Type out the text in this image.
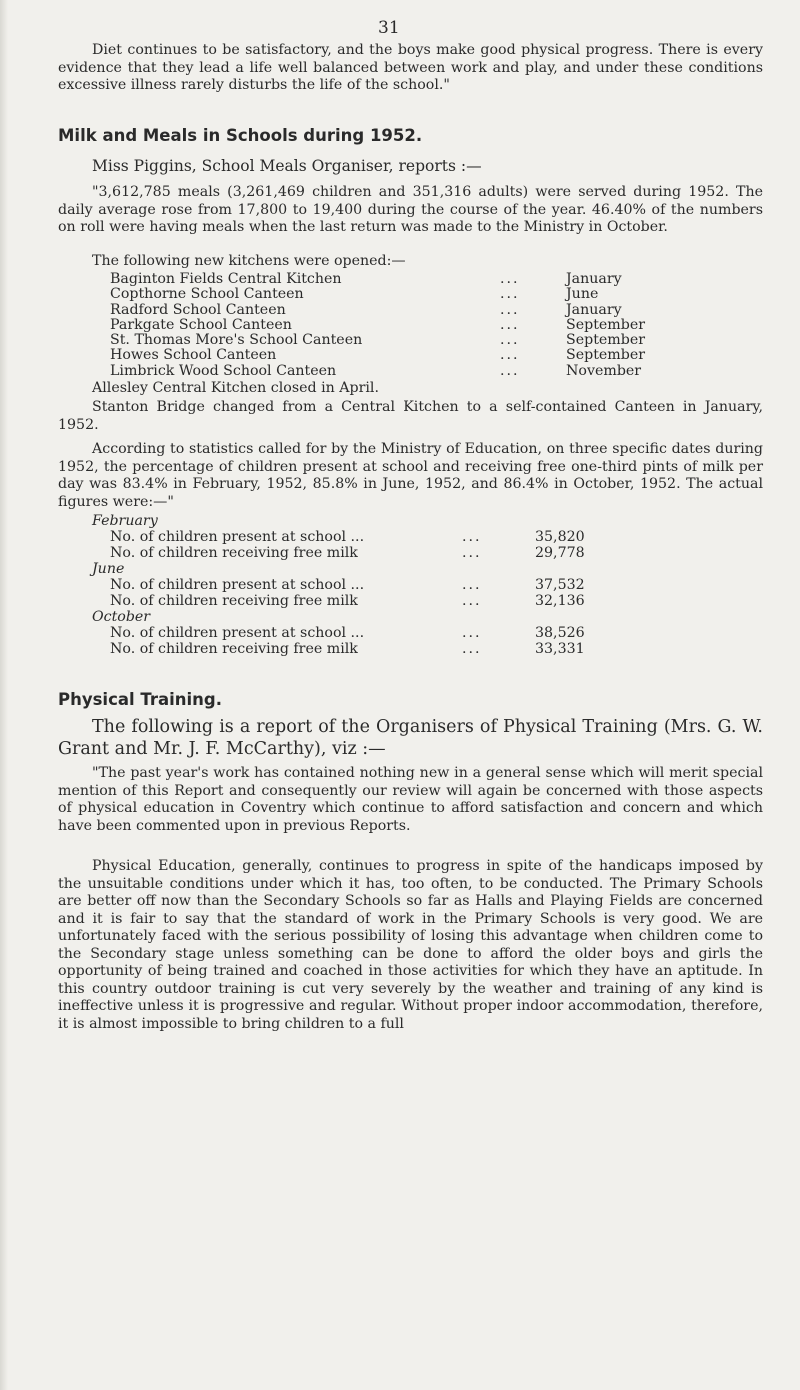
31

Diet continues to be satisfactory, and the boys make good physical progress. There is every evidence that they lead a life well balanced between work and play, and under these conditions excessive illness rarely disturbs the life of the school."

Milk and Meals in Schools during 1952.
Miss Piggins, School Meals Organiser, reports :—

"3,612,785 meals (3,261,469 children and 351,316 adults) were served during 1952. The daily average rose from 17,800 to 19,400 during the course of the year. 46.40% of the numbers on roll were having meals when the last return was made to the Ministry in October.

The following new kitchens were opened:—
Baginton Fields Central Kitchen	...	January
Copthorne School Canteen	...	June
Radford School Canteen	...	January
Parkgate School Canteen	...	September
St. Thomas More's School Canteen	...	September
Howes School Canteen	...	September
Limbrick Wood School Canteen	...	November
Allesley Central Kitchen closed in April.

Stanton Bridge changed from a Central Kitchen to a self-contained Canteen in January, 1952.

According to statistics called for by the Ministry of Education, on three specific dates during 1952, the percentage of children present at school and receiving free one-third pints of milk per day was 83.4% in February, 1952, 85.8% in June, 1952, and 86.4% in October, 1952. The actual figures were:—"

February
No. of children present at school ...	...	35,820
No. of children receiving free milk	...	29,778
June
No. of children present at school ...	...	37,532
No. of children receiving free milk	...	32,136
October
No. of children present at school ...	...	38,526
No. of children receiving free milk	...	33,331
Physical Training.

The following is a report of the Organisers of Physical Training (Mrs. G. W. Grant and Mr. J. F. McCarthy), viz :—

"The past year's work has contained nothing new in a general sense which will merit special mention of this Report and consequently our review will again be concerned with those aspects of physical education in Coventry which continue to afford satisfaction and concern and which have been commented upon in previous Reports.

Physical Education, generally, continues to progress in spite of the handicaps imposed by the unsuitable conditions under which it has, too often, to be conducted. The Primary Schools are better off now than the Secondary Schools so far as Halls and Playing Fields are concerned and it is fair to say that the standard of work in the Primary Schools is very good. We are unfortunately faced with the serious possibility of losing this advantage when children come to the Secondary stage unless something can be done to afford the older boys and girls the opportunity of being trained and coached in those activities for which they have an aptitude. In this country outdoor training is cut very severely by the weather and training of any kind is ineffective unless it is progressive and regular. Without proper indoor accommodation, therefore, it is almost impossible to bring children to a full
